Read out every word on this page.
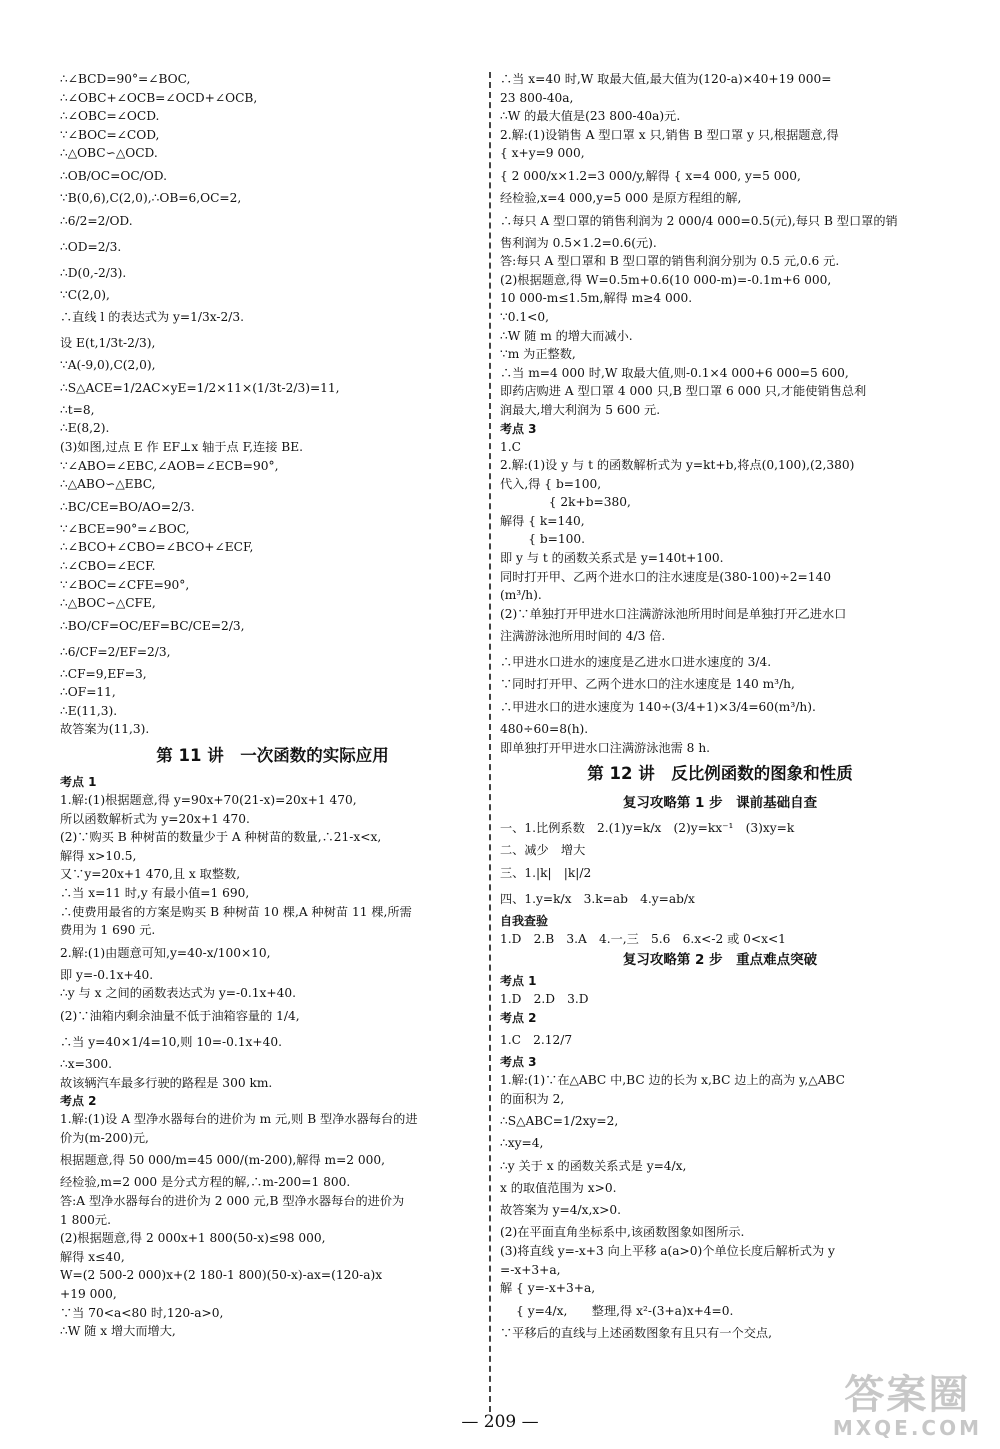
∴∠BCD=90°=∠BOC,
∴∠OBC+∠OCB=∠OCD+∠OCB,
∴∠OBC=∠OCD.
∵∠BOC=∠COD,
∴△OBC∽△OCD.
∴OB/OC=OC/OD.
∵B(0,6),C(2,0),∴OB=6,OC=2,
∴6/2=2/OD.
∴OD=2/3.
∴D(0,-2/3).
∵C(2,0),
∴直线 l 的表达式为 y=1/3x-2/3.
设 E(t,1/3t-2/3),
∵A(-9,0),C(2,0),
∴S△ACE=1/2AC×yE=1/2×11×(1/3t-2/3)=11,
∴t=8,
∴E(8,2).
(3)如图,过点 E 作 EF⊥x 轴于点 F,连接 BE.
∵∠ABO=∠EBC,∠AOB=∠ECB=90°,
∴△ABO∽△EBC,
∴BC/CE=BO/AO=2/3.
∵∠BCE=90°=∠BOC,
∴∠BCO+∠CBO=∠BCO+∠ECF,
∴∠CBO=∠ECF.
∵∠BOC=∠CFE=90°,
∴△BOC∽△CFE,
∴BO/CF=OC/EF=BC/CE=2/3,
∴6/CF=2/EF=2/3,
∴CF=9,EF=3,
∴OF=11,
∴E(11,3).
故答案为(11,3).
第 11 讲　一次函数的实际应用
考点 1
1.解:(1)根据题意,得 y=90x+70(21-x)=20x+1 470,
所以函数解析式为 y=20x+1 470.
(2)∵购买 B 种树苗的数量少于 A 种树苗的数量,∴21-x<x,
解得 x>10.5,
又∵y=20x+1 470,且 x 取整数,
∴当 x=11 时,y 有最小值=1 690,
∴使费用最省的方案是购买 B 种树苗 10 棵,A 种树苗 11 棵,所需
费用为 1 690 元.
2.解:(1)由题意可知,y=40-x/100×10,
即 y=-0.1x+40.
∴y 与 x 之间的函数表达式为 y=-0.1x+40.
(2)∵油箱内剩余油量不低于油箱容量的 1/4,
∴当 y=40×1/4=10,则 10=-0.1x+40.
∴x=300.
故该辆汽车最多行驶的路程是 300 km.
考点 2
1.解:(1)设 A 型净水器每台的进价为 m 元,则 B 型净水器每台的进
价为(m-200)元,
根据题意,得 50 000/m=45 000/(m-200),解得 m=2 000,
经检验,m=2 000 是分式方程的解,∴m-200=1 800.
答:A 型净水器每台的进价为 2 000 元,B 型净水器每台的进价为
1 800元.
(2)根据题意,得 2 000x+1 800(50-x)≤98 000,
解得 x≤40,
W=(2 500-2 000)x+(2 180-1 800)(50-x)-ax=(120-a)x
+19 000,
∵当 70<a<80 时,120-a>0,
∴W 随 x 增大而增大,
∴当 x=40 时,W 取最大值,最大值为(120-a)×40+19 000=
23 800-40a,
∴W 的最大值是(23 800-40a)元.
2.解:(1)设销售 A 型口罩 x 只,销售 B 型口罩 y 只,根据题意,得
{ x+y=9 000,
{ 2 000/x×1.2=3 000/y,解得 { x=4 000, y=5 000,
经检验,x=4 000,y=5 000 是原方程组的解,
∴每只 A 型口罩的销售利润为 2 000/4 000=0.5(元),每只 B 型口罩的销
售利润为 0.5×1.2=0.6(元).
答:每只 A 型口罩和 B 型口罩的销售利润分别为 0.5 元,0.6 元.
(2)根据题意,得 W=0.5m+0.6(10 000-m)=-0.1m+6 000,
10 000-m≤1.5m,解得 m≥4 000.
∵0.1<0,
∴W 随 m 的增大而减小.
∵m 为正整数,
∴当 m=4 000 时,W 取最大值,则-0.1×4 000+6 000=5 600,
即药店购进 A 型口罩 4 000 只,B 型口罩 6 000 只,才能使销售总利
润最大,增大利润为 5 600 元.
考点 3
1.C
2.解:(1)设 y 与 t 的函数解析式为 y=kt+b,将点(0,100),(2,380)
代入,得 { b=100,
　　　　{ 2k+b=380,
解得 { k=140,
　　 { b=100.
即 y 与 t 的函数关系式是 y=140t+100.
同时打开甲、乙两个进水口的注水速度是(380-100)÷2=140
(m³/h).
(2)∵单独打开甲进水口注满游泳池所用时间是单独打开乙进水口
注满游泳池所用时间的 4/3 倍.
∴甲进水口进水的速度是乙进水口进水速度的 3/4.
∵同时打开甲、乙两个进水口的注水速度是 140 m³/h,
∴甲进水口的进水速度为 140÷(3/4+1)×3/4=60(m³/h).
480÷60=8(h).
即单独打开甲进水口注满游泳池需 8 h.
第 12 讲　反比例函数的图象和性质
复习攻略第 1 步　课前基础自查
一、1.比例系数　2.(1)y=k/x　(2)y=kx⁻¹　(3)xy=k
二、减少　增大
三、1.|k|　|k|/2
四、1.y=k/x　3.k=ab　4.y=ab/x
自我查验
1.D　2.B　3.A　4.一,三　5.6　6.x<-2 或 0<x<1
复习攻略第 2 步　重点难点突破
考点 1
1.D　2.D　3.D
考点 2
1.C　2.12/7
考点 3
1.解:(1)∵在△ABC 中,BC 边的长为 x,BC 边上的高为 y,△ABC
的面积为 2,
∴S△ABC=1/2xy=2,
∴xy=4,
∴y 关于 x 的函数关系式是 y=4/x,
x 的取值范围为 x>0.
故答案为 y=4/x,x>0.
(2)在平面直角坐标系中,该函数图象如图所示.
(3)将直线 y=-x+3 向上平移 a(a>0)个单位长度后解析式为 y
=-x+3+a,
解 { y=-x+3+a,
　 { y=4/x,　　整理,得 x²-(3+a)x+4=0.
∵平移后的直线与上述函数图象有且只有一个交点,
— 209 —
答案圈
MXQE.COM
